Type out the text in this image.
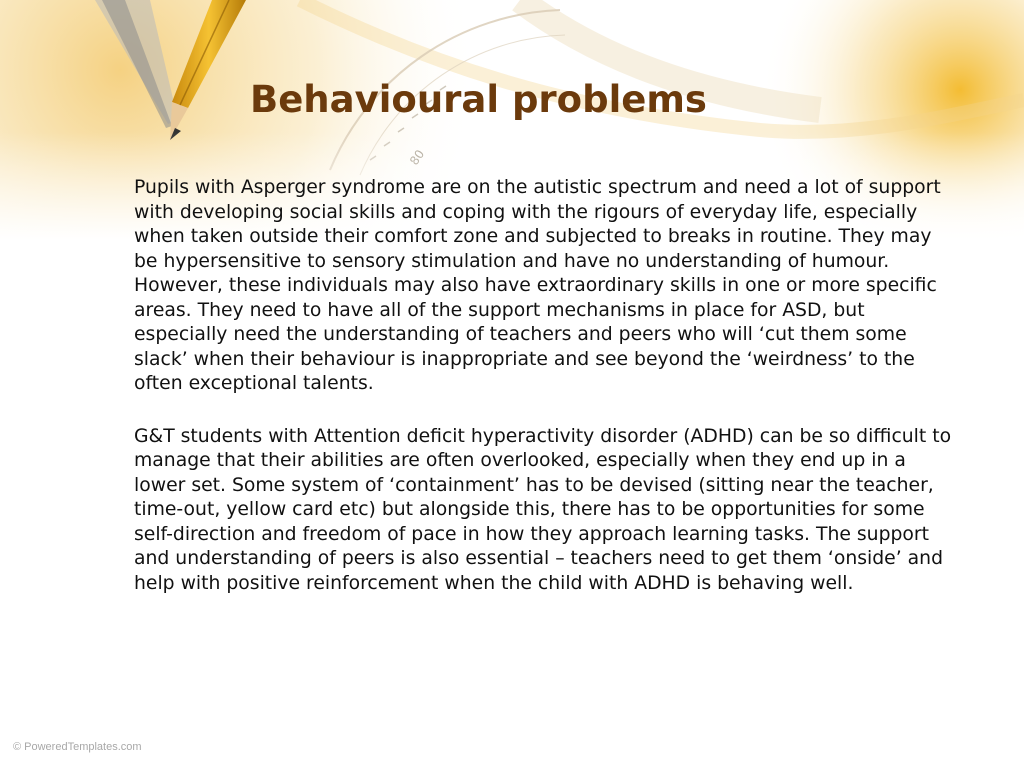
Behavioural problems

Pupils with Asperger syndrome are on the autistic spectrum and need a lot of support with developing social skills and coping with the rigours of everyday life, especially when taken outside their comfort zone and subjected to breaks in routine. They may be hypersensitive to sensory stimulation and have no understanding of humour. However, these individuals may also have extraordinary skills in one or more specific areas. They need to have all of the support mechanisms in place for ASD, but especially need the understanding of teachers and peers who will ‘cut them some slack’ when their behaviour is inappropriate and see beyond the ‘weirdness’ to the often exceptional talents.

G&T students with Attention deficit hyperactivity disorder (ADHD) can be so difficult to manage that their abilities are often overlooked, especially when they end up in a lower set. Some system of ‘containment’ has to be devised (sitting near the teacher, time-out, yellow card etc) but alongside this, there has to be opportunities for some self-direction and freedom of pace in how they approach learning tasks. The support and understanding of peers is also essential – teachers need to get them ‘onside’ and help with positive reinforcement when the child with ADHD is behaving well.

© PoweredTemplates.com
